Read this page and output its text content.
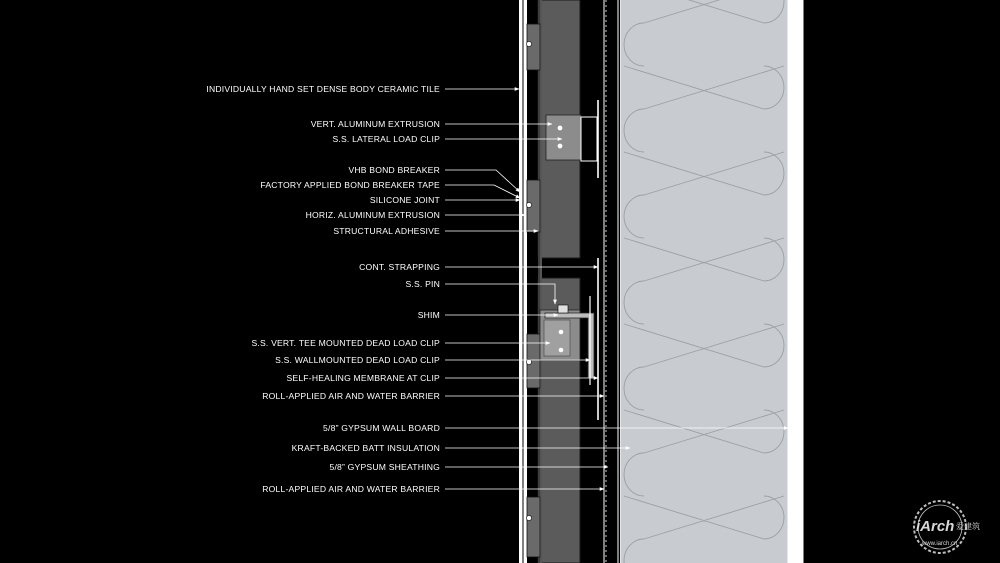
INDIVIDUALLY HAND SET DENSE BODY CERAMIC TILE
VERT. ALUMINUM EXTRUSION
S.S. LATERAL LOAD CLIP
VHB BOND BREAKER
FACTORY APPLIED BOND BREAKER TAPE
SILICONE JOINT
HORIZ. ALUMINUM EXTRUSION
STRUCTURAL ADHESIVE
CONT. STRAPPING
S.S. PIN
SHIM
S.S. VERT. TEE MOUNTED DEAD LOAD CLIP
S.S. WALLMOUNTED DEAD LOAD CLIP
SELF-HEALING MEMBRANE AT CLIP
ROLL-APPLIED AIR AND WATER BARRIER
5/8” GYPSUM WALL BOARD
KRAFT-BACKED BATT INSULATION
5/8” GYPSUM SHEATHING
ROLL-APPLIED AIR AND WATER BARRIER
iArch 爱建筑
www.iarch.cn
